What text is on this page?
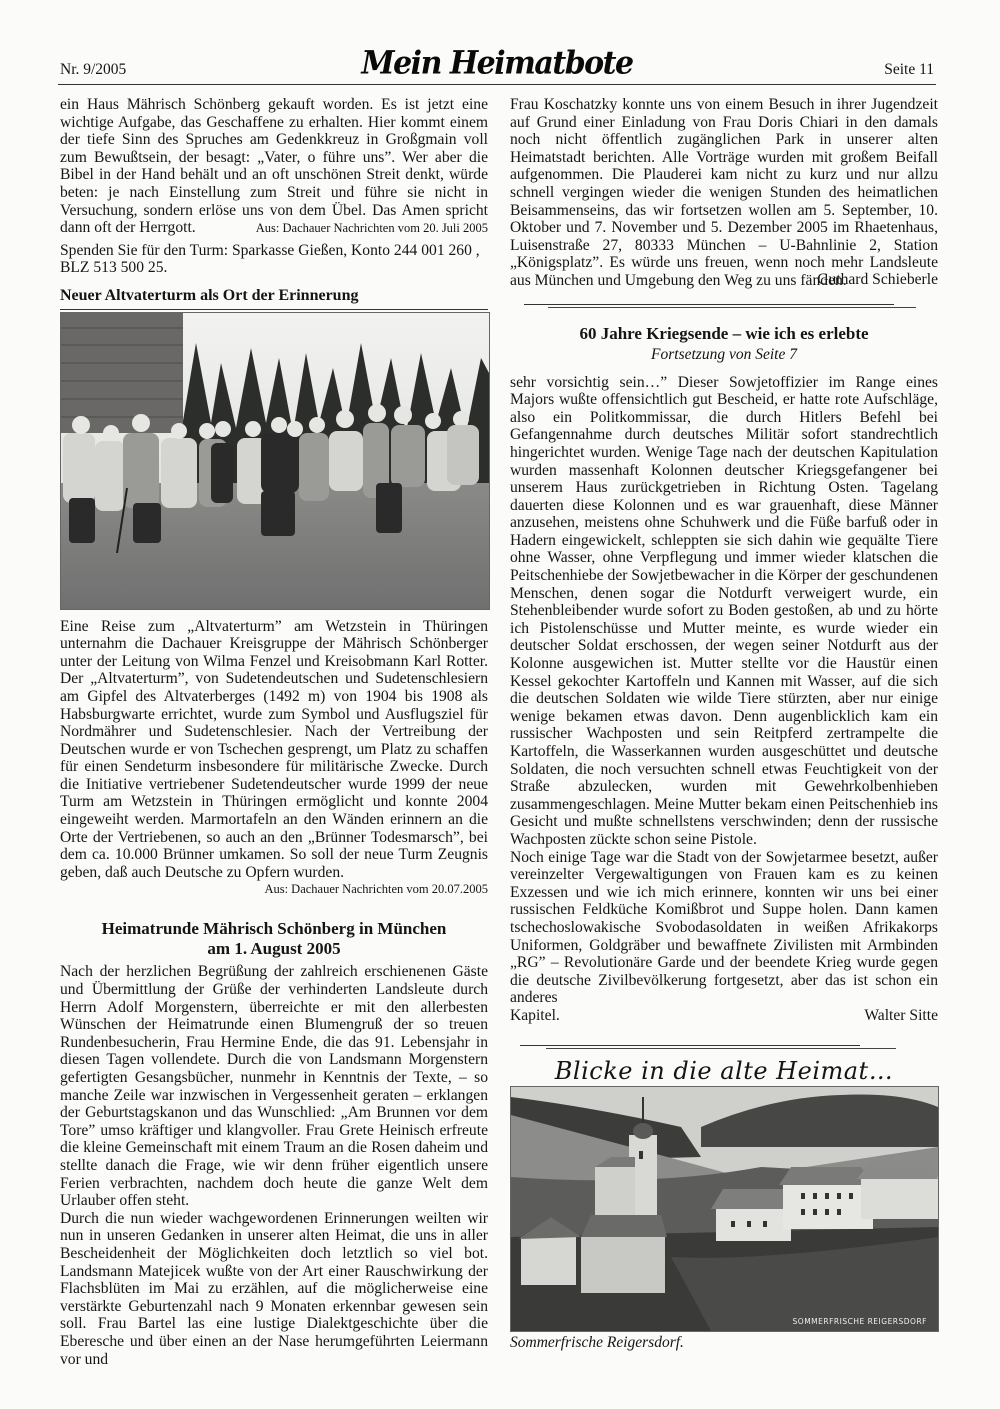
Nr. 9/2005	Mein Heimatbote	Seite 11

ein Haus Mährisch Schönberg gekauft worden. Es ist jetzt eine wichtige Aufgabe, das Geschaffene zu erhalten. Hier kommt einem der tiefe Sinn des Spruches am Gedenkkreuz in Großgmain voll zum Bewußtsein, der besagt: „Vater, o führe uns”. Wer aber die Bibel in der Hand behält und an oft unschönen Streit denkt, würde beten: je nach Einstellung zum Streit und führe sie nicht in Versuchung, sondern erlöse uns von dem Übel. Das Amen spricht dann oft der Herrgott.	Aus: Dachauer Nachrichten vom 20. Juli 2005

Spenden Sie für den Turm: Sparkasse Gießen, Konto 244 001 260 , BLZ 513 500 25.

Neuer Altvaterturm als Ort der Erinnerung

Eine Reise zum „Altvaterturm” am Wetzstein in Thüringen unternahm die Dachauer Kreisgruppe der Mährisch Schönberger unter der Leitung von Wilma Fenzel und Kreisobmann Karl Rotter. Der „Altvaterturm”, von Sudetendeutschen und Sudetenschlesiern am Gipfel des Altvaterberges (1492 m) von 1904 bis 1908 als Habsburgwarte errichtet, wurde zum Symbol und Ausflugsziel für Nordmährer und Sudetenschlesier. Nach der Vertreibung der Deutschen wurde er von Tschechen gesprengt, um Platz zu schaffen für einen Sendeturm insbesondere für militärische Zwecke. Durch die Initiative vertriebener Sudetendeutscher wurde 1999 der neue Turm am Wetzstein in Thüringen ermöglicht und konnte 2004 eingeweiht werden. Marmortafeln an den Wänden erinnern an die Orte der Vertriebenen, so auch an den „Brünner Todesmarsch”, bei dem ca. 10.000 Brünner umkamen. So soll der neue Turm Zeugnis geben, daß auch Deutsche zu Opfern wurden.

Aus: Dachauer Nachrichten vom 20.07.2005
Heimatrunde Mährisch Schönberg in München
am 1. August 2005

Nach der herzlichen Begrüßung der zahlreich erschienenen Gäste und Übermittlung der Grüße der verhinderten Landsleute durch Herrn Adolf Morgenstern, überreichte er mit den allerbesten Wünschen der Heimatrunde einen Blumengruß der so treuen Rundenbesucherin, Frau Hermine Ende, die das 91. Lebensjahr in diesen Tagen vollendete. Durch die von Landsmann Morgenstern gefertigten Gesangsbücher, nunmehr in Kenntnis der Texte, – so manche Zeile war inzwischen in Vergessenheit geraten – erklangen der Geburtstagskanon und das Wunschlied: „Am Brunnen vor dem Tore” umso kräftiger und klangvoller. Frau Grete Heinisch erfreute die kleine Gemeinschaft mit einem Traum an die Rosen daheim und stellte danach die Frage, wie wir denn früher eigentlich unsere Ferien verbrachten, nachdem doch heute die ganze Welt dem Urlauber offen steht.

Durch die nun wieder wachgewordenen Erinnerungen weilten wir nun in unseren Gedanken in unserer alten Heimat, die uns in aller Bescheidenheit der Möglichkeiten doch letztlich so viel bot. Landsmann Matejicek wußte von der Art einer Rauschwirkung der Flachsblüten im Mai zu erzählen, auf die möglicherweise eine verstärkte Geburtenzahl nach 9 Monaten erkennbar gewesen sein soll. Frau Bartel las eine lustige Dialektgeschichte über die Eberesche und über einen an der Nase herumgeführten Leiermann vor und

Frau Koschatzky konnte uns von einem Besuch in ihrer Jugendzeit auf Grund einer Einladung von Frau Doris Chiari in den damals noch nicht öffentlich zugänglichen Park in unserer alten Heimatstadt berichten. Alle Vorträge wurden mit großem Beifall aufgenommen. Die Plauderei kam nicht zu kurz und nur allzu schnell vergingen wieder die wenigen Stunden des heimatlichen Beisammenseins, das wir fortsetzen wollen am 5. September, 10. Oktober und 7. November und 5. Dezember 2005 im Rhaetenhaus, Luisenstraße 27, 80333 München – U-Bahnlinie 2, Station „Königsplatz”. Es würde uns freuen, wenn noch mehr Landsleute aus München und Umgebung den Weg zu uns fänden.

Guthard Schieberle
60 Jahre Kriegsende – wie ich es erlebte
Fortsetzung von Seite 7

sehr vorsichtig sein…” Dieser Sowjetoffizier im Range eines Majors wußte offensichtlich gut Bescheid, er hatte rote Aufschläge, also ein Politkommissar, die durch Hitlers Befehl bei Gefangennahme durch deutsches Militär sofort standrechtlich hingerichtet wurden. Wenige Tage nach der deutschen Kapitulation wurden massenhaft Kolonnen deutscher Kriegsgefangener bei unserem Haus zurückgetrieben in Richtung Osten. Tagelang dauerten diese Kolonnen und es war grauenhaft, diese Männer anzusehen, meistens ohne Schuhwerk und die Füße barfuß oder in Hadern eingewickelt, schleppten sie sich dahin wie gequälte Tiere ohne Wasser, ohne Verpflegung und immer wieder klatschen die Peitschenhiebe der Sowjetbewacher in die Körper der geschundenen Menschen, denen sogar die Notdurft verweigert wurde, ein Stehenbleibender wurde sofort zu Boden gestoßen, ab und zu hörte ich Pistolenschüsse und Mutter meinte, es wurde wieder ein deutscher Soldat erschossen, der wegen seiner Notdurft aus der Kolonne ausgewichen ist. Mutter stellte vor die Haustür einen Kessel gekochter Kartoffeln und Kannen mit Wasser, auf die sich die deutschen Soldaten wie wilde Tiere stürzten, aber nur einige wenige bekamen etwas davon. Denn augenblicklich kam ein russischer Wachposten und sein Reitpferd zertrampelte die Kartoffeln, die Wasserkannen wurden ausgeschüttet und deutsche Soldaten, die noch versuchten schnell etwas Feuchtigkeit von der Straße abzulecken, wurden mit Gewehrkolbenhieben zusammengeschlagen. Meine Mutter bekam einen Peitschenhieb ins Gesicht und mußte schnellstens verschwinden; denn der russische Wachposten zückte schon seine Pistole.

Noch einige Tage war die Stadt von der Sowjetarmee besetzt, außer vereinzelter Vergewaltigungen von Frauen kam es zu keinen Exzessen und wie ich mich erinnere, konnten wir uns bei einer russischen Feldküche Komißbrot und Suppe holen. Dann kamen tschechoslowakische Svobodasoldaten in weißen Afrikakorps Uniformen, Goldgräber und bewaffnete Zivilisten mit Armbinden „RG” – Revolutionäre Garde und der beendete Krieg wurde gegen die deutsche Zivilbevölkerung fortgesetzt, aber das ist schon ein anderes

Kapitel.	Walter Sitte
Blicke in die alte Heimat…
SOMMERFRISCHE REIGERSDORF
Sommerfrische Reigersdorf.
